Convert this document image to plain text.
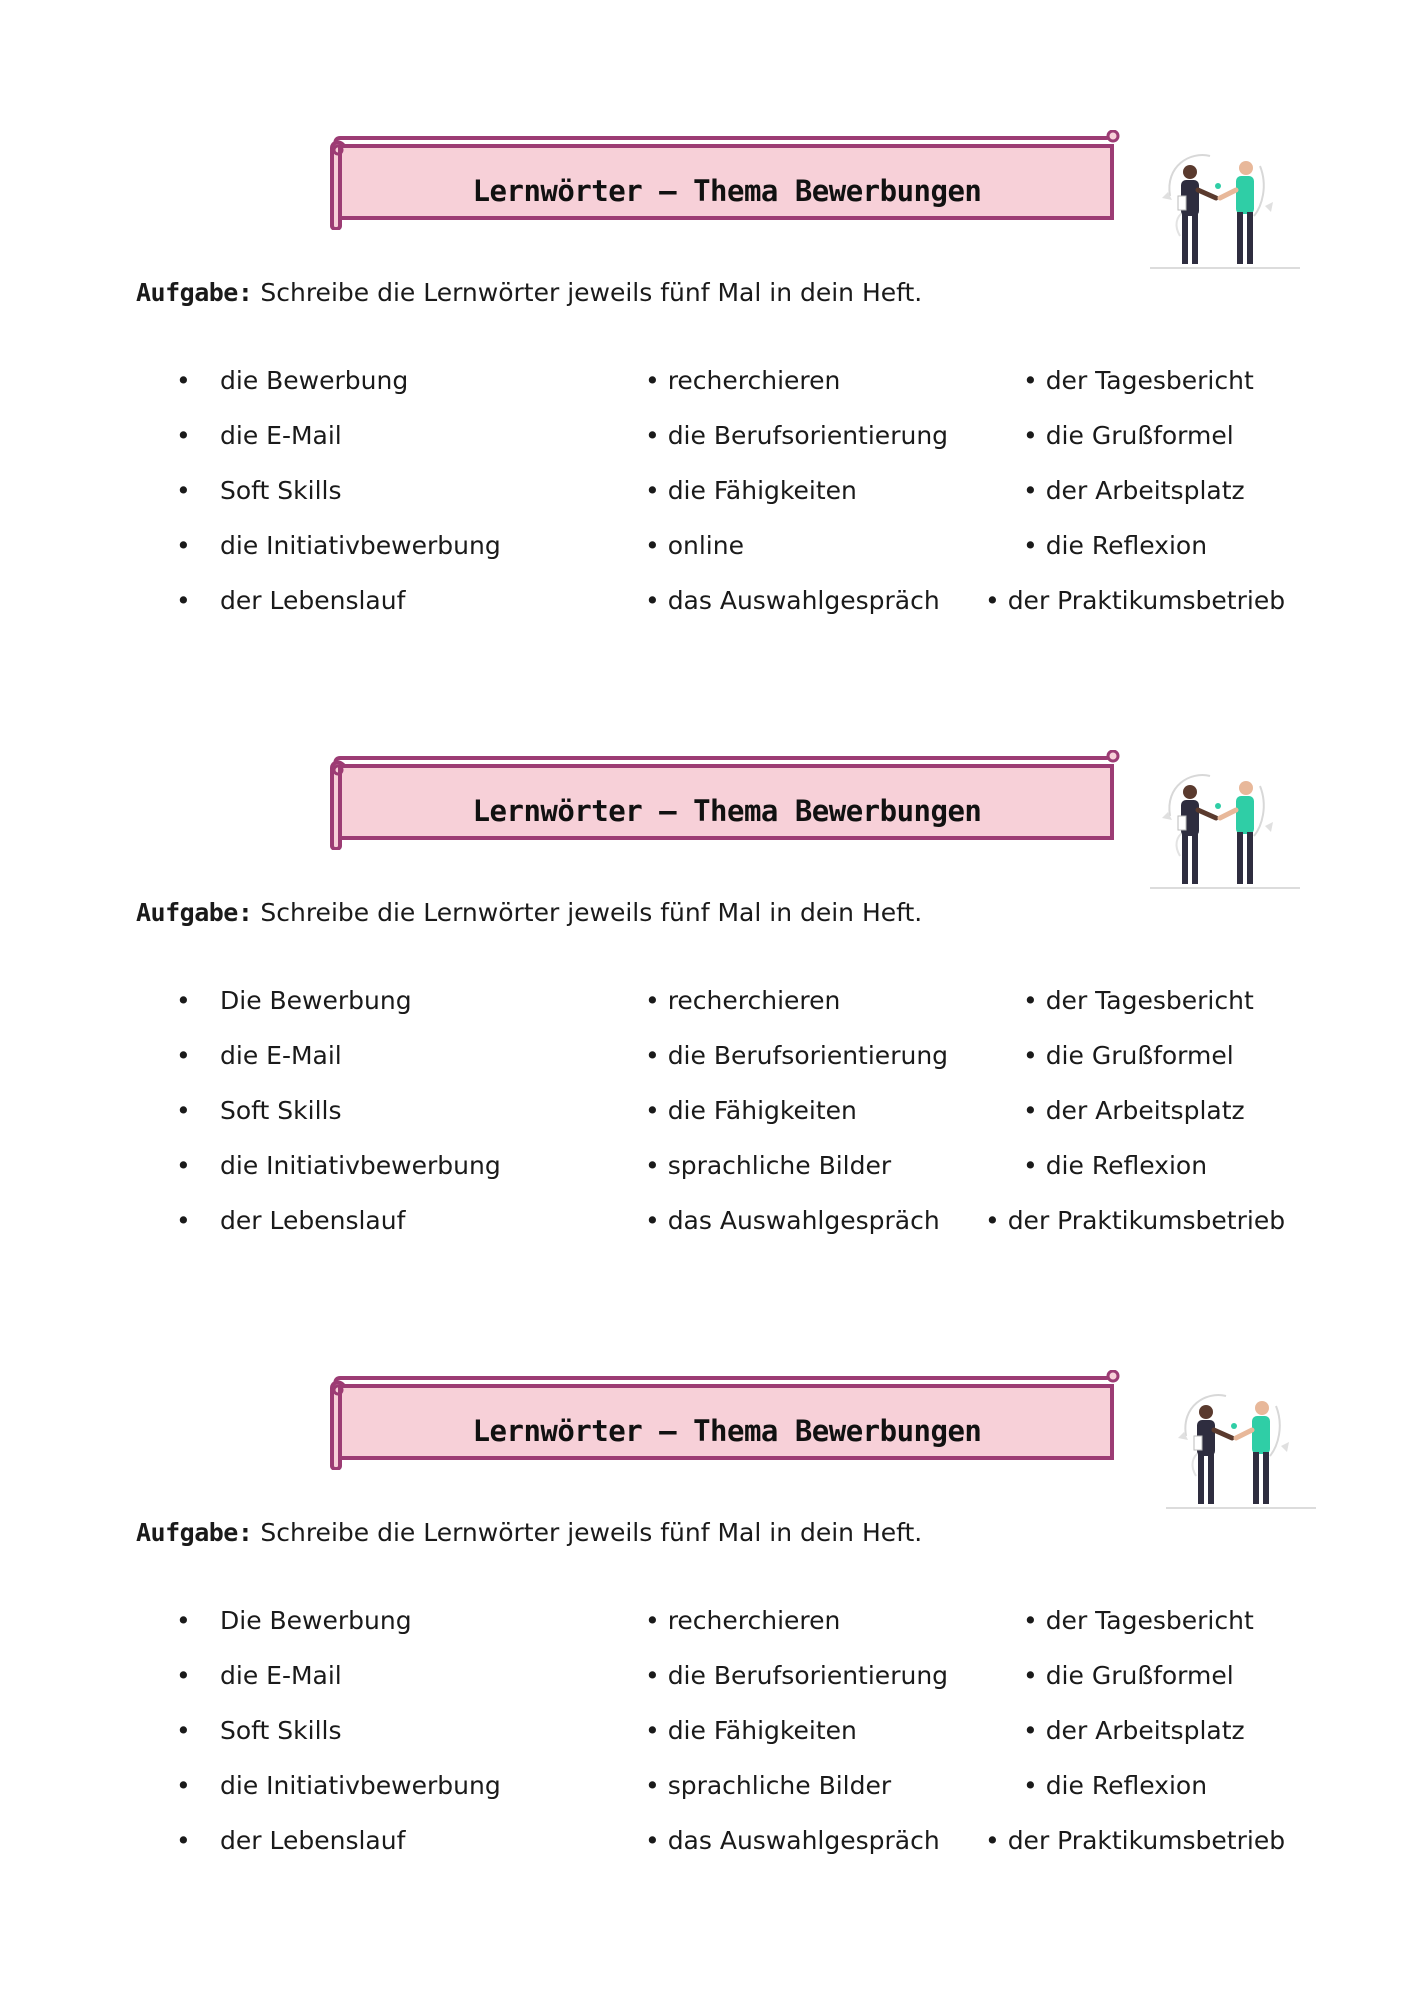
Lernwörter – Thema Bewerbungen
Aufgabe: Schreibe die Lernwörter jeweils fünf Mal in dein Heft.
• die Bewerbung
• die E-Mail
• Soft Skills
• die Initiativbewerbung
• der Lebenslauf
• recherchieren
• die Berufsorientierung
• die Fähigkeiten
• online
• das Auswahlgespräch
• der Tagesbericht
• die Grußformel
• der Arbeitsplatz
• die Reflexion
• der Praktikumsbetrieb
Lernwörter – Thema Bewerbungen
Aufgabe: Schreibe die Lernwörter jeweils fünf Mal in dein Heft.
• Die Bewerbung
• die E-Mail
• Soft Skills
• die Initiativbewerbung
• der Lebenslauf
• recherchieren
• die Berufsorientierung
• die Fähigkeiten
• sprachliche Bilder
• das Auswahlgespräch
• der Tagesbericht
• die Grußformel
• der Arbeitsplatz
• die Reflexion
• der Praktikumsbetrieb
Lernwörter – Thema Bewerbungen
Aufgabe: Schreibe die Lernwörter jeweils fünf Mal in dein Heft.
• Die Bewerbung
• die E-Mail
• Soft Skills
• die Initiativbewerbung
• der Lebenslauf
• recherchieren
• die Berufsorientierung
• die Fähigkeiten
• sprachliche Bilder
• das Auswahlgespräch
• der Tagesbericht
• die Grußformel
• der Arbeitsplatz
• die Reflexion
• der Praktikumsbetrieb
